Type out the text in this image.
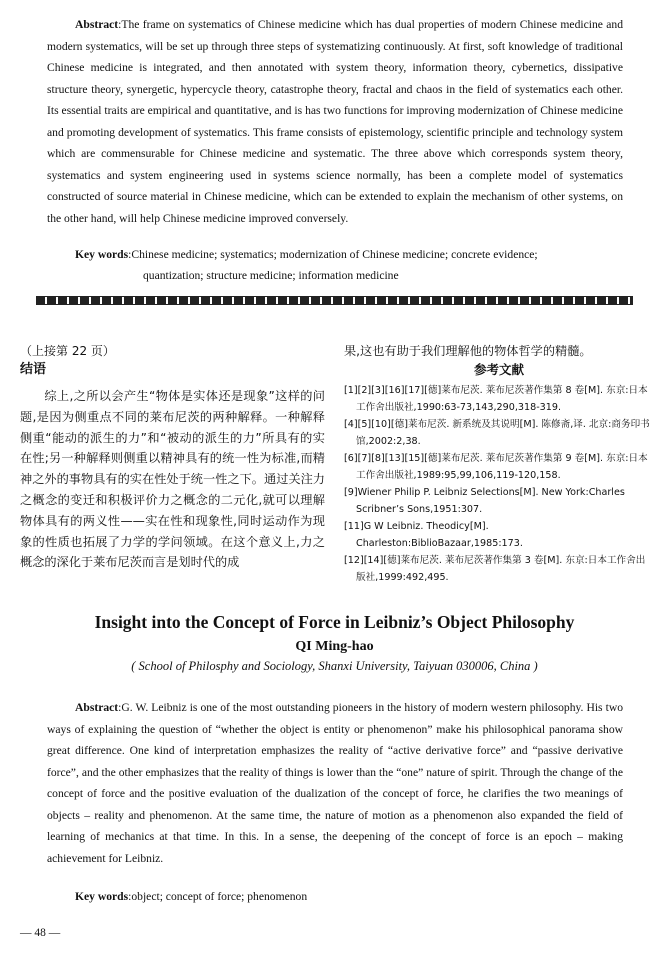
Abstract:The frame on systematics of Chinese medicine which has dual properties of modern Chinese medicine and modern systematics, will be set up through three steps of systematizing continuously. At first, soft knowledge of traditional Chinese medicine is integrated, and then annotated with system theory, information theory, cybernetics, dissipative structure theory, synergetic, hypercycle theory, catastrophe theory, fractal and chaos in the field of systematics each other. Its essential traits are empirical and quantitative, and is has two functions for improving modernization of Chinese medicine and promoting development of systematics. This frame consists of epistemology, scientific principle and technology system which are commensurable for Chinese medicine and systematic. The three above which corresponds system theory, systematics and system engineering used in systems science normally, has been a complete model of systematics constructed of source material in Chinese medicine, which can be extended to explain the mechanism of other systems, on the other hand, will help Chinese medicine improved conversely.
Key words:Chinese medicine; systematics; modernization of Chinese medicine; concrete evidence;
quantization; structure medicine; information medicine

（上接第 22 页）

结语

综上,之所以会产生“物体是实体还是现象”这样的问题,是因为侧重点不同的莱布尼茨的两种解释。一种解释侧重“能动的派生的力”和“被动的派生的力”所具有的实在性;另一种解释则侧重以精神具有的统一性为标准,而精神之外的事物具有的实在性处于统一性之下。通过关注力之概念的变迁和积极评价力之概念的二元化,就可以理解物体具有的两义性——实在性和现象性,同时运动作为现象的性质也拓展了力学的学问领域。在这个意义上,力之概念的深化于莱布尼茨而言是划时代的成

果,这也有助于我们理解他的物体哲学的精髓。

参考文献

[1][2][3][16][17][德]莱布尼茨. 莱布尼茨著作集第 8 卷[M]. 东京:日本工作舍出版社,1990:63-73,143,290,318-319.
[4][5][10][德]莱布尼茨. 新系统及其说明[M]. 陈修斋,译. 北京:商务印书馆,2002:2,38.
[6][7][8][13][15][德]莱布尼茨. 莱布尼茨著作集第 9 卷[M]. 东京:日本工作舍出版社,1989:95,99,106,119-120,158.
[9]Wiener Philip P. Leibniz Selections[M]. New York:Charles Scribner’s Sons,1951:307.
[11]G W Leibniz. Theodicy[M]. Charleston:BiblioBazaar,1985:173.
[12][14][德]莱布尼茨. 莱布尼茨著作集第 3 卷[M]. 东京:日本工作舍出版社,1999:492,495.
Insight into the Concept of Force in Leibniz’s Object Philosophy

QI Ming-hao

( School of Philosphy and Sociology, Shanxi University, Taiyuan 030006, China )

Abstract:G. W. Leibniz is one of the most outstanding pioneers in the history of modern western philosophy. His two ways of explaining the question of “whether the object is entity or phenomenon” make his philosophical panorama show great difference. One kind of interpretation emphasizes the reality of “active derivative force” and “passive derivative force”, and the other emphasizes that the reality of things is lower than the “one” nature of spirit. Through the change of the concept of force and the positive evaluation of the dualization of the concept of force, he clarifies the two meanings of objects – reality and phenomenon. At the same time, the nature of motion as a phenomenon also expanded the field of learning of mechanics at that time. In this. In a sense, the deepening of the concept of force is an epoch – making achievement for Leibniz.
Key words:object; concept of force; phenomenon
— 48 —
